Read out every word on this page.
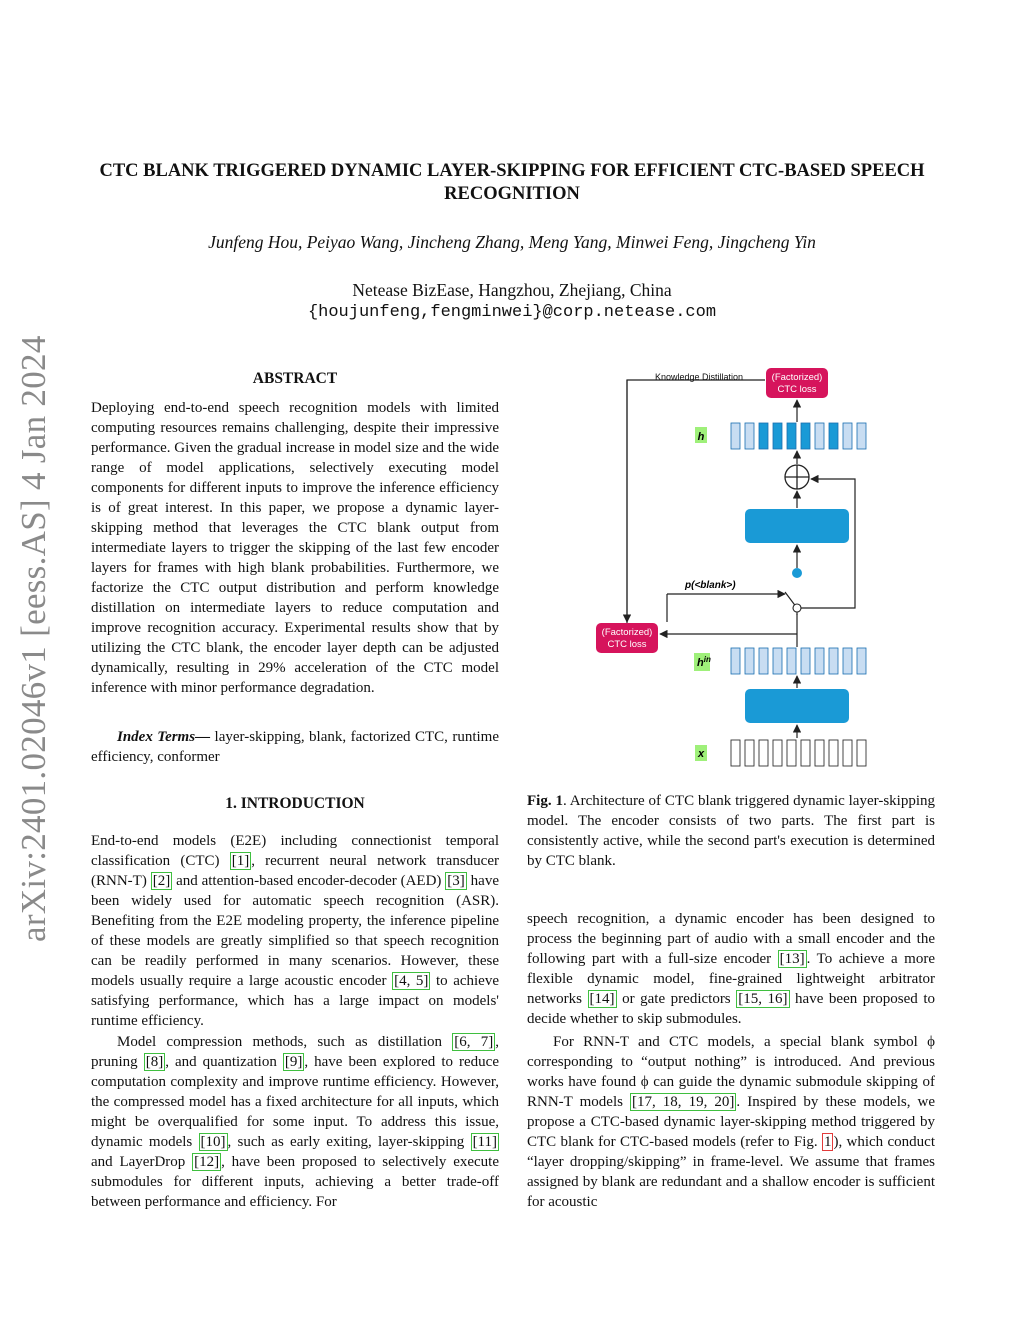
CTC BLANK TRIGGERED DYNAMIC LAYER-SKIPPING FOR EFFICIENT CTC-BASED SPEECH RECOGNITION
Junfeng Hou, Peiyao Wang, Jincheng Zhang, Meng Yang, Minwei Feng, Jingcheng Yin
Netease BizEase, Hangzhou, Zhejiang, China
{houjunfeng,fengminwei}@corp.netease.com
arXiv:2401.02046v1 [eess.AS] 4 Jan 2024	ABSTRACT
Deploying end-to-end speech recognition models with limited computing resources remains challenging, despite their impressive performance. Given the gradual increase in model size and the wide range of model applications, selectively executing model components for different inputs to improve the inference efficiency is of great interest. In this paper, we propose a dynamic layer-skipping method that leverages the CTC blank output from intermediate layers to trigger the skipping of the last few encoder layers for frames with high blank probabilities. Furthermore, we factorize the CTC output distribution and perform knowledge distillation on intermediate layers to reduce computation and improve recognition accuracy. Experimental results show that by utilizing the CTC blank, the encoder layer depth can be adjusted dynamically, resulting in 29% acceleration of the CTC model inference with minor performance degradation.
Index Terms— layer-skipping, blank, factorized CTC, runtime efficiency, conformer
1. INTRODUCTION
End-to-end models (E2E) including connectionist temporal classification (CTC) [1] , recurrent neural network transducer (RNN-T) [2] and attention-based encoder-decoder (AED) [3] have been widely used for automatic speech recognition (ASR). Benefiting from the E2E modeling property, the inference pipeline of these models are greatly simplified so that speech recognition can be readily performed in many scenarios. However, these models usually require a large acoustic encoder [4, 5] to achieve satisfying performance, which has a large impact on models' runtime efficiency.
Model compression methods, such as distillation [6, 7] , pruning [8] , and quantization [9] , have been explored to reduce computation complexity and improve runtime efficiency. However, the compressed model has a fixed architecture for all inputs, which might be overqualified for some input. To address this issue, dynamic models [10] , such as early exiting, layer-skipping [11] and LayerDrop [12] , have been proposed to selectively execute submodules for different inputs, achieving a better trade-off between performance and efficiency. For
Knowledge Distillation	(Factorized)
CTC loss
h
p(<blank>)
(Factorized)
CTC loss
$h^{in}$
x
Fig. 1. Architecture of CTC blank triggered dynamic layer-skipping model. The encoder consists of two parts. The first part is consistently active, while the second part's execution is determined by CTC blank.
speech recognition, a dynamic encoder has been designed to process the beginning part of audio with a small encoder and the following part with a full-size encoder [13] . To achieve a more flexible dynamic model, fine-grained lightweight arbitrator networks [14] or gate predictors [15, 16] have been proposed to decide whether to skip submodules.
For RNN-T and CTC models, a special blank symbol ϕ corresponding to “output nothing” is introduced. And previous works have found ϕ can guide the dynamic submodule skipping of RNN-T models [17, 18, 19, 20] . Inspired by these models, we propose a CTC-based dynamic layer-skipping method triggered by CTC blank for CTC-based models (refer to Fig. 1 ), which conduct “layer dropping/skipping” in frame-level. We assume that frames assigned by blank are redundant and a shallow encoder is sufficient for acoustic
